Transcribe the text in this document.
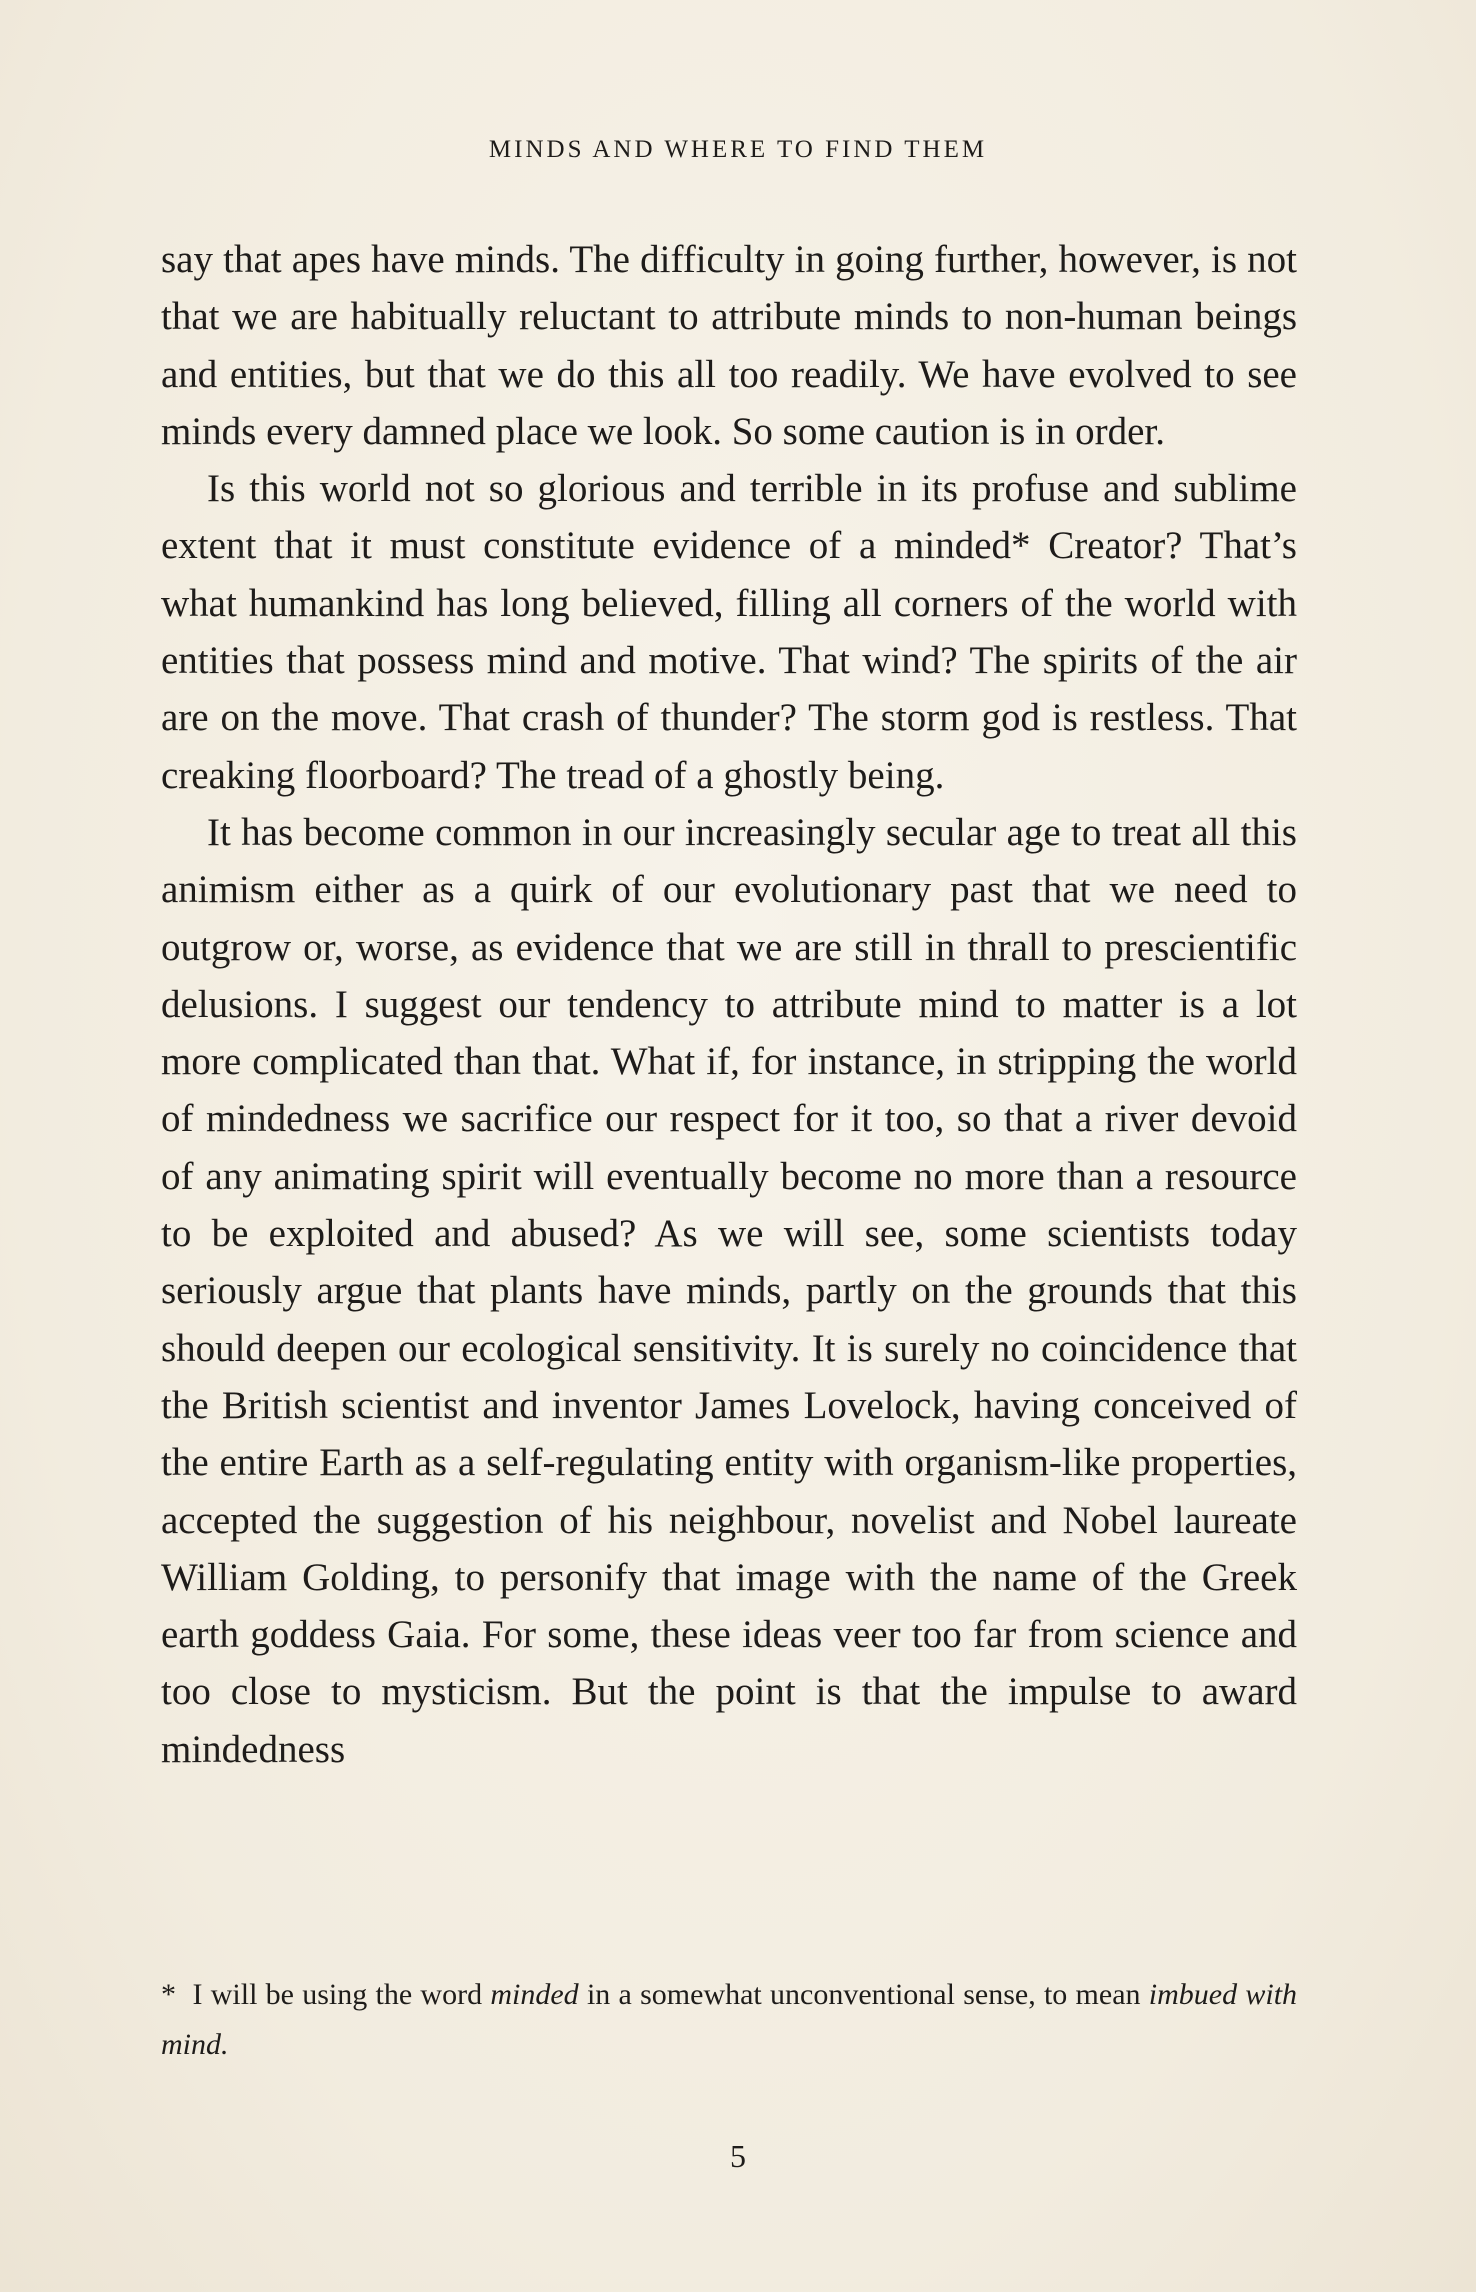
MINDS AND WHERE TO FIND THEM

say that apes have minds. The difficulty in going further, however, is not that we are habitually reluctant to attribute minds to non-human beings and entities, but that we do this all too readily. We have evolved to see minds every damned place we look. So some caution is in order.

Is this world not so glorious and terrible in its profuse and sublime extent that it must constitute evidence of a minded* Creator? That’s what humankind has long believed, filling all corners of the world with entities that possess mind and motive. That wind? The spirits of the air are on the move. That crash of thunder? The storm god is restless. That creaking floorboard? The tread of a ghostly being.

It has become common in our increasingly secular age to treat all this animism either as a quirk of our evolutionary past that we need to outgrow or, worse, as evidence that we are still in thrall to prescientific delusions. I suggest our tendency to attribute mind to matter is a lot more complicated than that. What if, for instance, in stripping the world of mindedness we sacrifice our respect for it too, so that a river devoid of any animating spirit will eventually become no more than a resource to be exploited and abused? As we will see, some scientists today seriously argue that plants have minds, partly on the grounds that this should deepen our ecological sensitivity. It is surely no coincidence that the British scientist and inventor James Lovelock, having conceived of the entire Earth as a self-regulating entity with organism-like properties, accepted the suggestion of his neighbour, novelist and Nobel laureate William Golding, to personify that image with the name of the Greek earth goddess Gaia. For some, these ideas veer too far from science and too close to mysticism. But the point is that the impulse to award mindedness

* I will be using the word minded in a somewhat unconventional sense, to mean imbued with mind.

5
